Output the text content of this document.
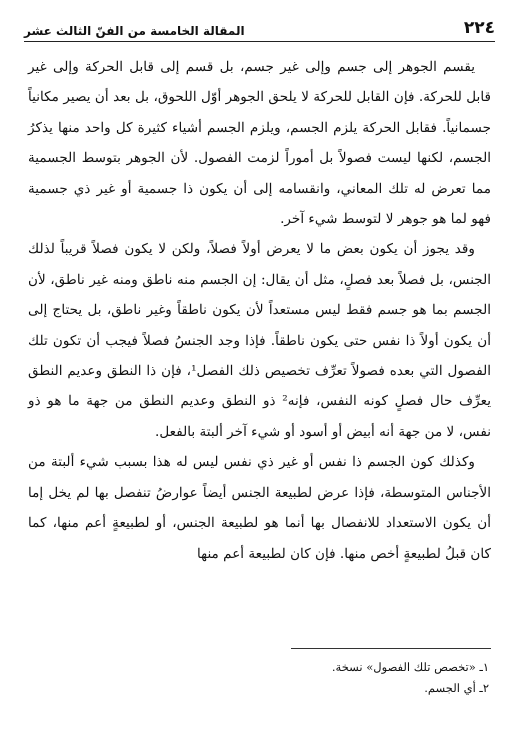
٢٢٤
المقالة الخامسة من الفنّ الثالث عشر

يقسم الجوهر إلى جسم وإلى غير جسم، بل قسم إلى قابل الحركة وإلى غير قابل للحركة. فإن القابل للحركة لا يلحق الجوهر أوّل اللحوق، بل بعد أن يصير مكانياً جسمانياً. فقابل الحركة يلزم الجسم، ويلزم الجسم أشياء كثيرة كل واحد منها يذكرُ الجسم، لكنها ليست فصولاً بل أموراً لزمت الفصول. لأن الجوهر بتوسط الجسمية مما تعرض له تلك المعاني، وانقسامه إلى أن يكون ذا جسمية أو غير ذي جسمية فهو لما هو جوهر لا لتوسط شيء آخر.

وقد يجوز أن يكون بعض ما لا يعرض أولاً فصلاً، ولكن لا يكون فصلاً قريباً لذلك الجنس، بل فصلاً بعد فصلٍ، مثل أن يقال: إن الجسم منه ناطق ومنه غير ناطق، لأن الجسم بما هو جسم فقط ليس مستعداً لأن يكون ناطقاً وغير ناطق، بل يحتاج إلى أن يكون أولاً ذا نفس حتى يكون ناطقاً. فإذا وجد الجنسُ فصلاً فيجب أن تكون تلك الفصول التي بعده فصولاً تعرِّف تخصيص ذلك الفصل¹، فإن ذا النطق وعديم النطق يعرِّف حال فصلٍ كونه النفس، فإنه² ذو النطق وعديم النطق من جهة ما هو ذو نفس، لا من جهة أنه أبيض أو أسود أو شيء آخر ألبتة بالفعل.

وكذلك كون الجسم ذا نفس أو غير ذي نفس ليس له هذا بسبب شيء ألبتة من الأجناس المتوسطة، فإذا عرض لطبيعة الجنس أيضاً عوارضُ تنفصل بها لم يخل إما أن يكون الاستعداد للانفصال بها أنما هو لطبيعة الجنس، أو لطبيعةٍ أعم منها، كما كان قبلُ لطبيعةٍ أخص منها. فإن كان لطبيعة أعم منها

١ـ «تخصص تلك الفصول» نسخة.
٢ـ أي الجسم.
